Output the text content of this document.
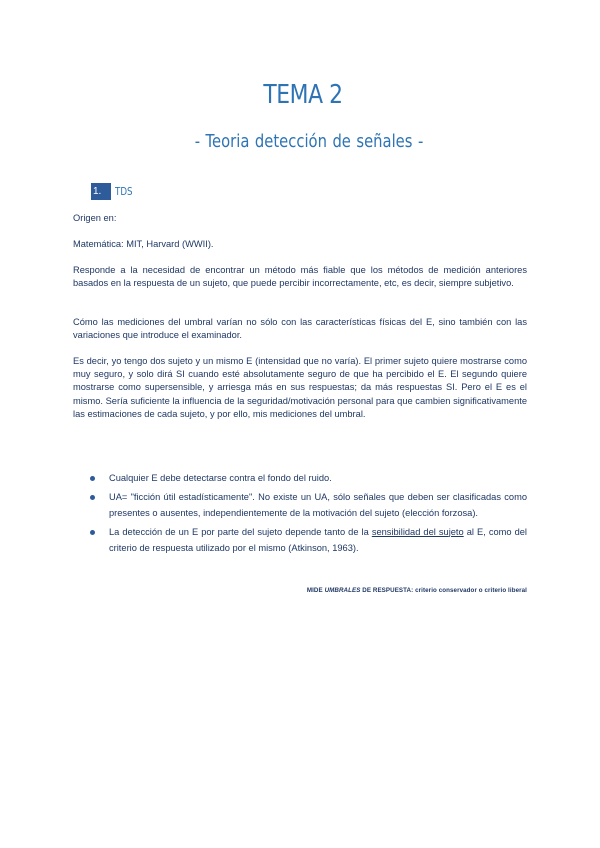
TEMA 2
- Teoria detección de señales -
1.	TDS
Origen en:
Matemática: MIT, Harvard (WWII).
Responde a la necesidad de encontrar un método más fiable que los métodos de medición anteriores basados en la respuesta de un sujeto, que puede percibir incorrectamente, etc, es decir, siempre subjetivo.
Cómo las mediciones del umbral varían no sólo con las características físicas del E, sino también con las variaciones que introduce el examinador.
Es decir, yo tengo dos sujeto y un mismo E (intensidad que no varía). El primer sujeto quiere mostrarse como muy seguro, y solo dirá SI cuando esté absolutamente seguro de que ha percibido el E. El segundo quiere mostrarse como supersensible, y arriesga más en sus respuestas; da más respuestas SI. Pero el E es el mismo. Sería suficiente la influencia de la seguridad/motivación personal para que cambien significativamente las estimaciones de cada sujeto, y por ello, mis mediciones del umbral.
Cualquier E debe detectarse contra el fondo del ruido.
UA= "ficción útil estadísticamente". No existe un UA, sólo señales que deben ser clasificadas como presentes o ausentes, independientemente de la motivación del sujeto (elección forzosa).
La detección de un E por parte del sujeto depende tanto de la sensibilidad del sujeto al E, como del criterio de respuesta utilizado por el mismo (Atkinson, 1963).
MIDE UMBRALES DE RESPUESTA: criterio conservador o criterio liberal
